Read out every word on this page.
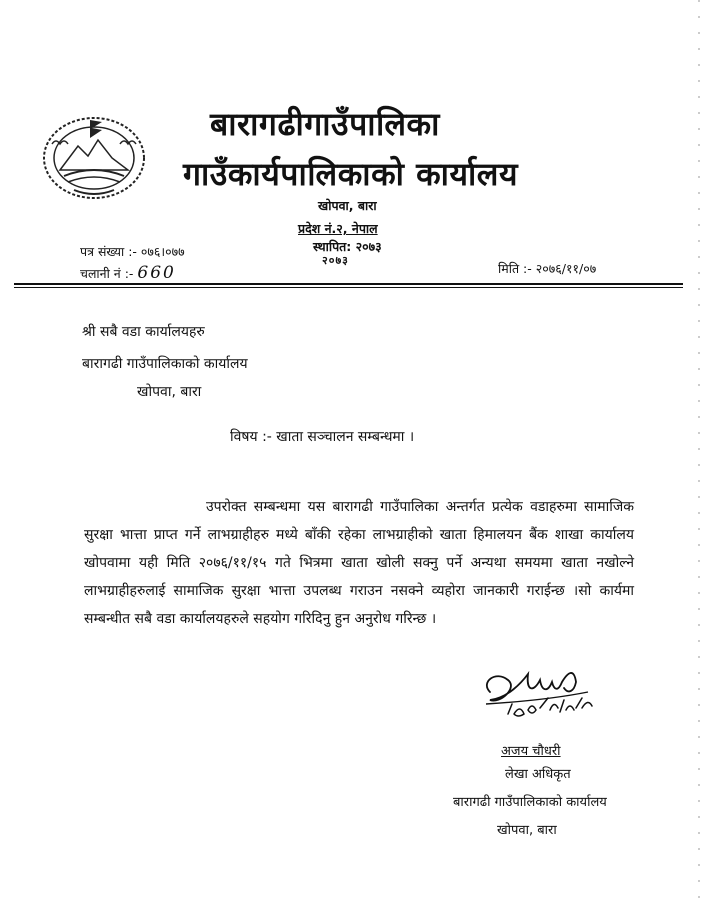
बारागढीगाउँपालिका
गाउँकार्यपालिकाको कार्यालय
खोपवा, बारा
प्रदेश नं.२, नेपाल
स्थापित: २०७३
२०७३
पत्र संख्या :- ०७६।०७७
चलानी नं :- 660	मिति :- २०७६/११/०७
श्री सबै वडा कार्यालयहरु
बारागढी गाउँपालिकाको कार्यालय
खोपवा, बारा
विषय :- खाता सञ्चालन सम्बन्धमा ।

उपरोक्त सम्बन्धमा यस बारागढी गाउँपालिका अन्तर्गत प्रत्येक वडाहरुमा सामाजिक सुरक्षा भात्ता प्राप्त गर्ने लाभग्राहीहरु मध्ये बाँकी रहेका लाभग्राहीको खाता हिमालयन बैंक शाखा कार्यालय खोपवामा यही मिति २०७६/११/१५ गते भित्रमा खाता खोली सक्नु पर्ने अन्यथा समयमा खाता नखोल्ने लाभग्राहीहरुलाई सामाजिक सुरक्षा भात्ता उपलब्ध गराउन नसक्ने व्यहोरा जानकारी गराईन्छ ।सो कार्यमा सम्बन्धीत सबै वडा कार्यालयहरुले सहयोग गरिदिनु हुन अनुरोध गरिन्छ ।

अजय चौधरी
लेखा अधिकृत
बारागढी गाउँपालिकाको कार्यालय
खोपवा, बारा
